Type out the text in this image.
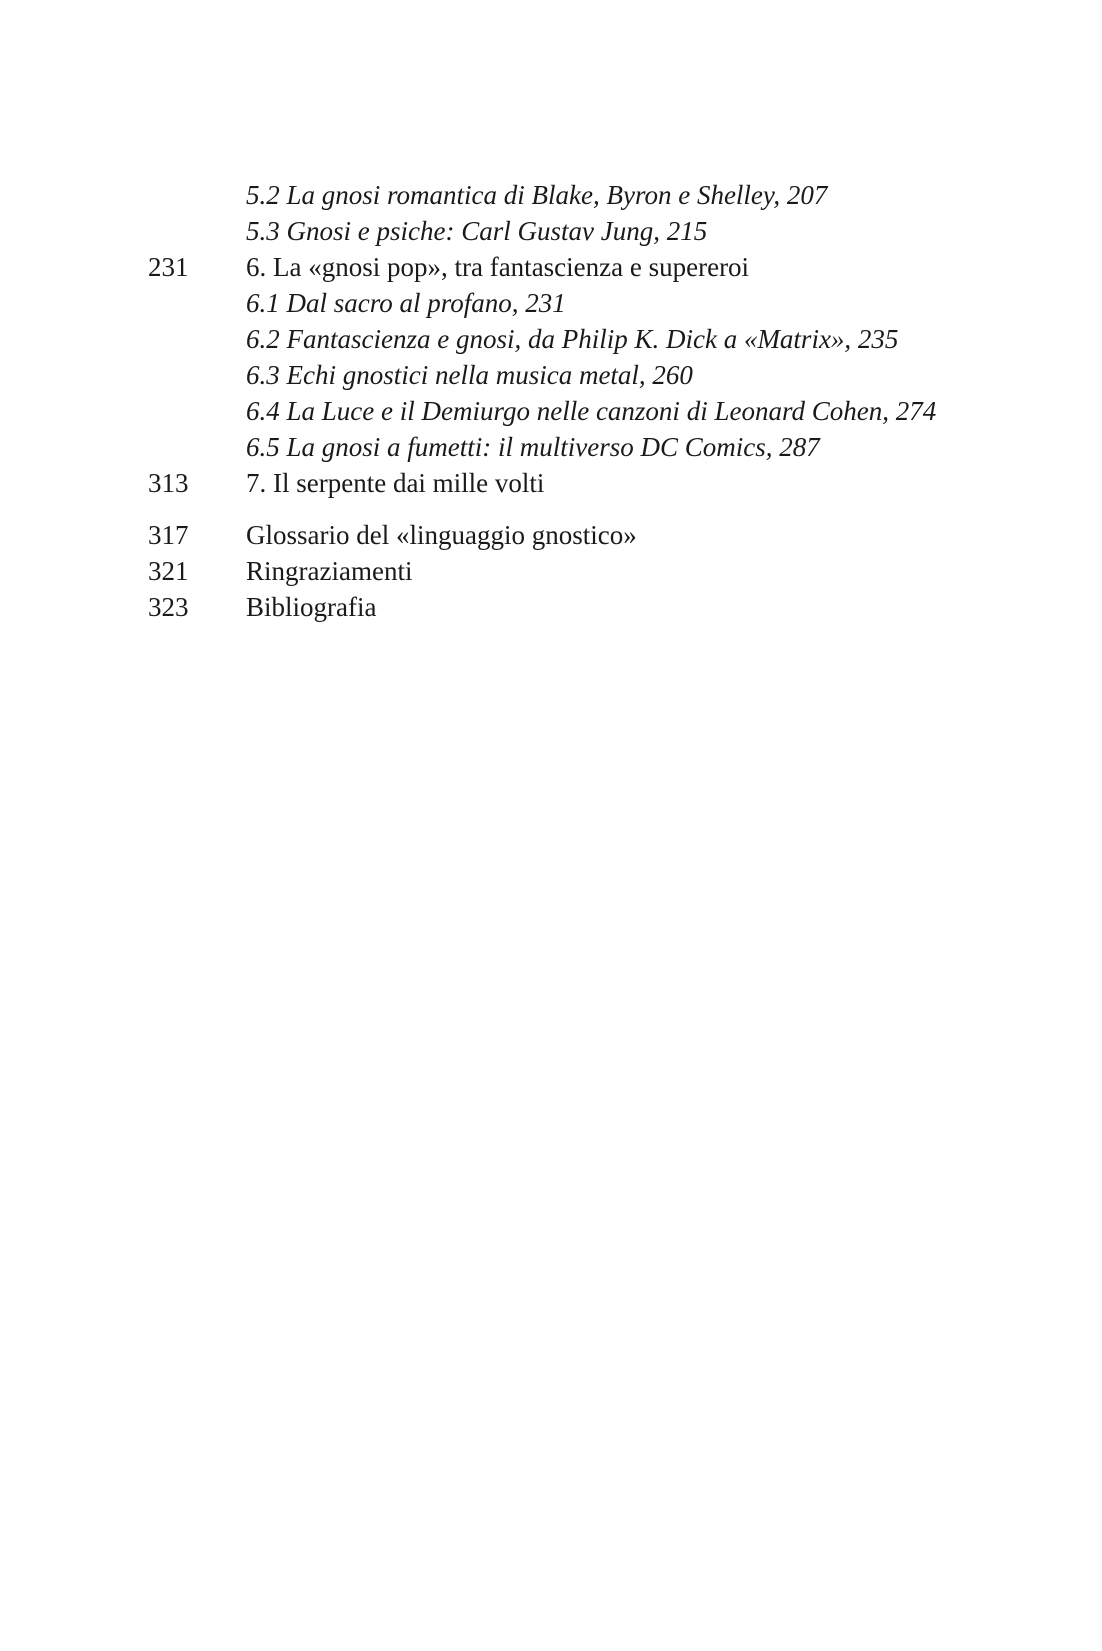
5.2 La gnosi romantica di Blake, Byron e Shelley, 207
5.3 Gnosi e psiche: Carl Gustav Jung, 215
231	6. La «gnosi pop», tra fantascienza e supereroi
6.1 Dal sacro al profano, 231
6.2 Fantascienza e gnosi, da Philip K. Dick a «Matrix», 235
6.3 Echi gnostici nella musica metal, 260
6.4 La Luce e il Demiurgo nelle canzoni di Leonard Cohen, 274
6.5 La gnosi a fumetti: il multiverso DC Comics, 287
313	7. Il serpente dai mille volti
317	Glossario del «linguaggio gnostico»
321	Ringraziamenti
323	Bibliografia
